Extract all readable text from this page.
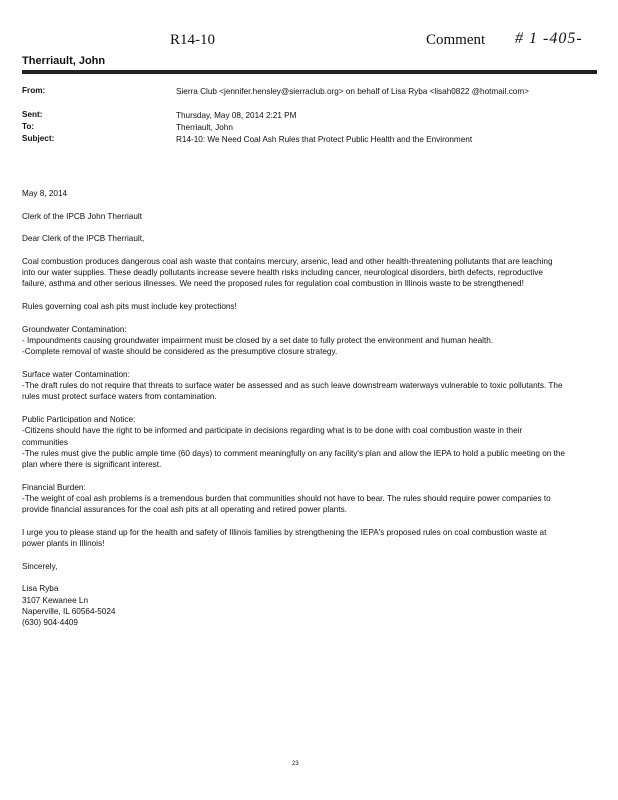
R14-10	Comment # 1 -405-
Therriault, John
From:	Sierra Club <jennifer.hensley@sierraclub.org> on behalf of Lisa Ryba <lisah0822 @hotmail.com>
Sent:	Thursday, May 08, 2014 2:21 PM
To:	Therriault, John
Subject:	R14-10: We Need Coal Ash Rules that Protect Public Health and the Environment

May 8, 2014

Clerk of the IPCB John Therriault

Dear Clerk of the IPCB Therriault,

Coal combustion produces dangerous coal ash waste that contains mercury, arsenic, lead and other health-threatening pollutants that are leaching into our water supplies. These deadly pollutants increase severe health risks including cancer, neurological disorders, birth defects, reproductive failure, asthma and other serious illnesses. We need the proposed rules for regulation coal combustion in Illinois waste to be strengthened!

Rules governing coal ash pits must include key protections!

Groundwater Contamination:
- Impoundments causing groundwater impairment must be closed by a set date to fully protect the environment and human health.
-Complete removal of waste should be considered as the presumptive closure strategy.

Surface water Contamination:
-The draft rules do not require that threats to surface water be assessed and as such leave downstream waterways vulnerable to toxic pollutants. The rules must protect surface waters from contamination.

Public Participation and Notice:
-Citizens should have the right to be informed and participate in decisions regarding what is to be done with coal combustion waste in their communities
-The rules must give the public ample time (60 days) to comment meaningfully on any facility's plan and allow the IEPA to hold a public meeting on the plan where there is significant interest.

Financial Burden:
-The weight of coal ash problems is a tremendous burden that communities should not have to bear. The rules should require power companies to provide financial assurances for the coal ash pits at all operating and retired power plants.

I urge you to please stand up for the health and safety of Illinois families by strengthening the IEPA's proposed rules on coal combustion waste at power plants in Illinois!

Sincerely,

Lisa Ryba
3107 Kewanee Ln
Naperville, IL 60564-5024
(630) 904-4409

23
